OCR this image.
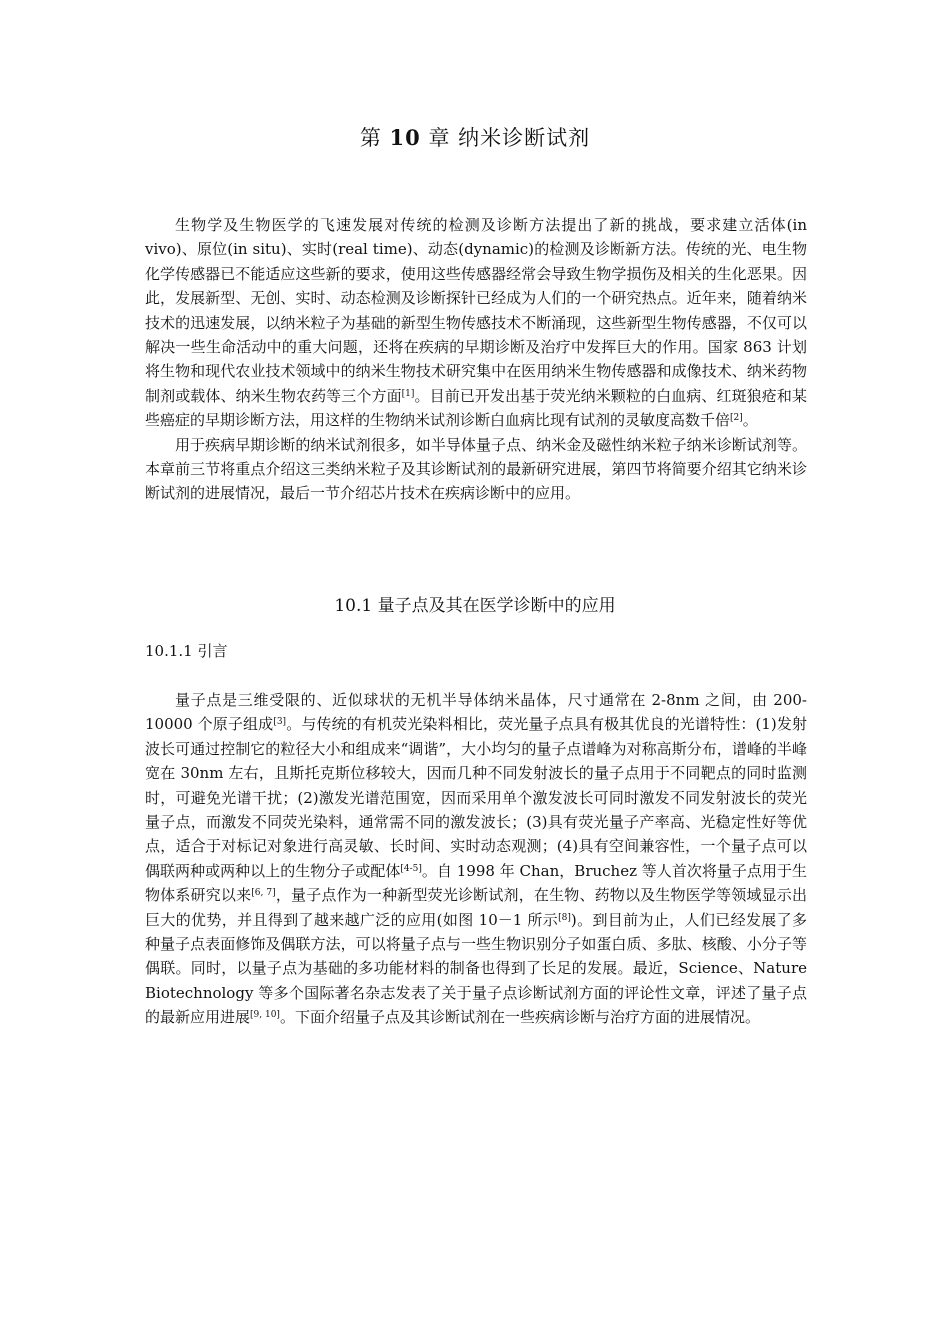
第 10 章 纳米诊断试剂

生物学及生物医学的飞速发展对传统的检测及诊断方法提出了新的挑战，要求建立活体(in vivo)、原位(in situ)、实时(real time)、动态(dynamic)的检测及诊断新方法。传统的光、电生物化学传感器已不能适应这些新的要求，使用这些传感器经常会导致生物学损伤及相关的生化恶果。因此，发展新型、无创、实时、动态检测及诊断探针已经成为人们的一个研究热点。近年来，随着纳米技术的迅速发展，以纳米粒子为基础的新型生物传感技术不断涌现，这些新型生物传感器，不仅可以解决一些生命活动中的重大问题，还将在疾病的早期诊断及治疗中发挥巨大的作用。国家 863 计划将生物和现代农业技术领域中的纳米生物技术研究集中在医用纳米生物传感器和成像技术、纳米药物制剂或载体、纳米生物农药等三个方面[1]。目前已开发出基于荧光纳米颗粒的白血病、红斑狼疮和某些癌症的早期诊断方法，用这样的生物纳米试剂诊断白血病比现有试剂的灵敏度高数千倍[2]。

用于疾病早期诊断的纳米试剂很多，如半导体量子点、纳米金及磁性纳米粒子纳米诊断试剂等。本章前三节将重点介绍这三类纳米粒子及其诊断试剂的最新研究进展，第四节将简要介绍其它纳米诊断试剂的进展情况，最后一节介绍芯片技术在疾病诊断中的应用。

10.1 量子点及其在医学诊断中的应用
10.1.1 引言

量子点是三维受限的、近似球状的无机半导体纳米晶体，尺寸通常在 2-8nm 之间，由 200-10000 个原子组成[3]。与传统的有机荧光染料相比，荧光量子点具有极其优良的光谱特性：(1)发射波长可通过控制它的粒径大小和组成来“调谐”，大小均匀的量子点谱峰为对称高斯分布，谱峰的半峰宽在 30nm 左右，且斯托克斯位移较大，因而几种不同发射波长的量子点用于不同靶点的同时监测时，可避免光谱干扰；(2)激发光谱范围宽，因而采用单个激发波长可同时激发不同发射波长的荧光量子点，而激发不同荧光染料，通常需不同的激发波长；(3)具有荧光量子产率高、光稳定性好等优点，适合于对标记对象进行高灵敏、长时间、实时动态观测；(4)具有空间兼容性，一个量子点可以偶联两种或两种以上的生物分子或配体[4-5]。自 1998 年 Chan，Bruchez 等人首次将量子点用于生物体系研究以来[6, 7]，量子点作为一种新型荧光诊断试剂，在生物、药物以及生物医学等领域显示出巨大的优势，并且得到了越来越广泛的应用(如图 10－1 所示[8])。到目前为止，人们已经发展了多种量子点表面修饰及偶联方法，可以将量子点与一些生物识别分子如蛋白质、多肽、核酸、小分子等偶联。同时，以量子点为基础的多功能材料的制备也得到了长足的发展。最近，Science、Nature Biotechnology 等多个国际著名杂志发表了关于量子点诊断试剂方面的评论性文章，评述了量子点的最新应用进展[9, 10]。下面介绍量子点及其诊断试剂在一些疾病诊断与治疗方面的进展情况。
